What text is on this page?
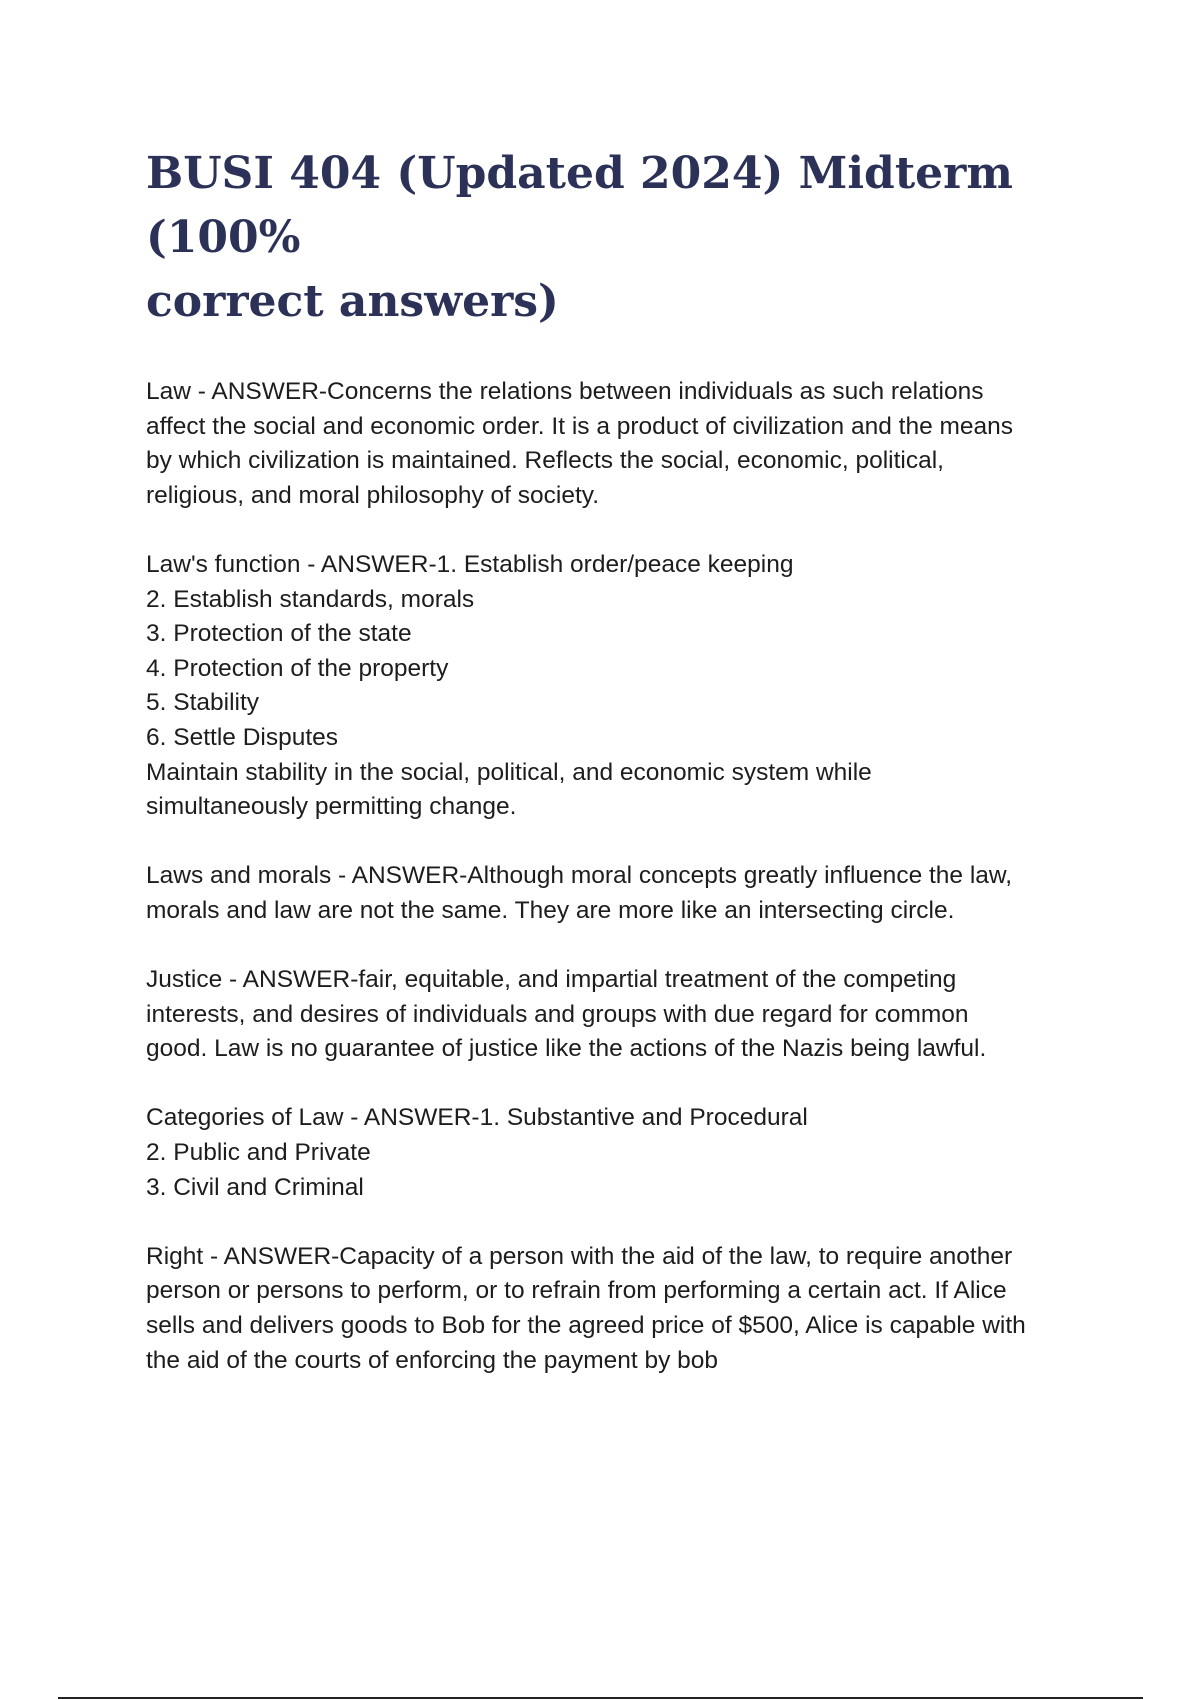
BUSI 404 (Updated 2024) Midterm (100%
correct answers)
Law - ANSWER-Concerns the relations between individuals as such relations
affect the social and economic order. It is a product of civilization and the means
by which civilization is maintained. Reflects the social, economic, political,
religious, and moral philosophy of society.
Law's function - ANSWER-1. Establish order/peace keeping
2. Establish standards, morals
3. Protection of the state
4. Protection of the property
5. Stability
6. Settle Disputes
Maintain stability in the social, political, and economic system while
simultaneously permitting change.
Laws and morals - ANSWER-Although moral concepts greatly influence the law,
morals and law are not the same. They are more like an intersecting circle.
Justice - ANSWER-fair, equitable, and impartial treatment of the competing
interests, and desires of individuals and groups with due regard for common
good. Law is no guarantee of justice like the actions of the Nazis being lawful.
Categories of Law - ANSWER-1. Substantive and Procedural
2. Public and Private
3. Civil and Criminal
Right - ANSWER-Capacity of a person with the aid of the law, to require another
person or persons to perform, or to refrain from performing a certain act. If Alice
sells and delivers goods to Bob for the agreed price of $500, Alice is capable with
the aid of the courts of enforcing the payment by bob
